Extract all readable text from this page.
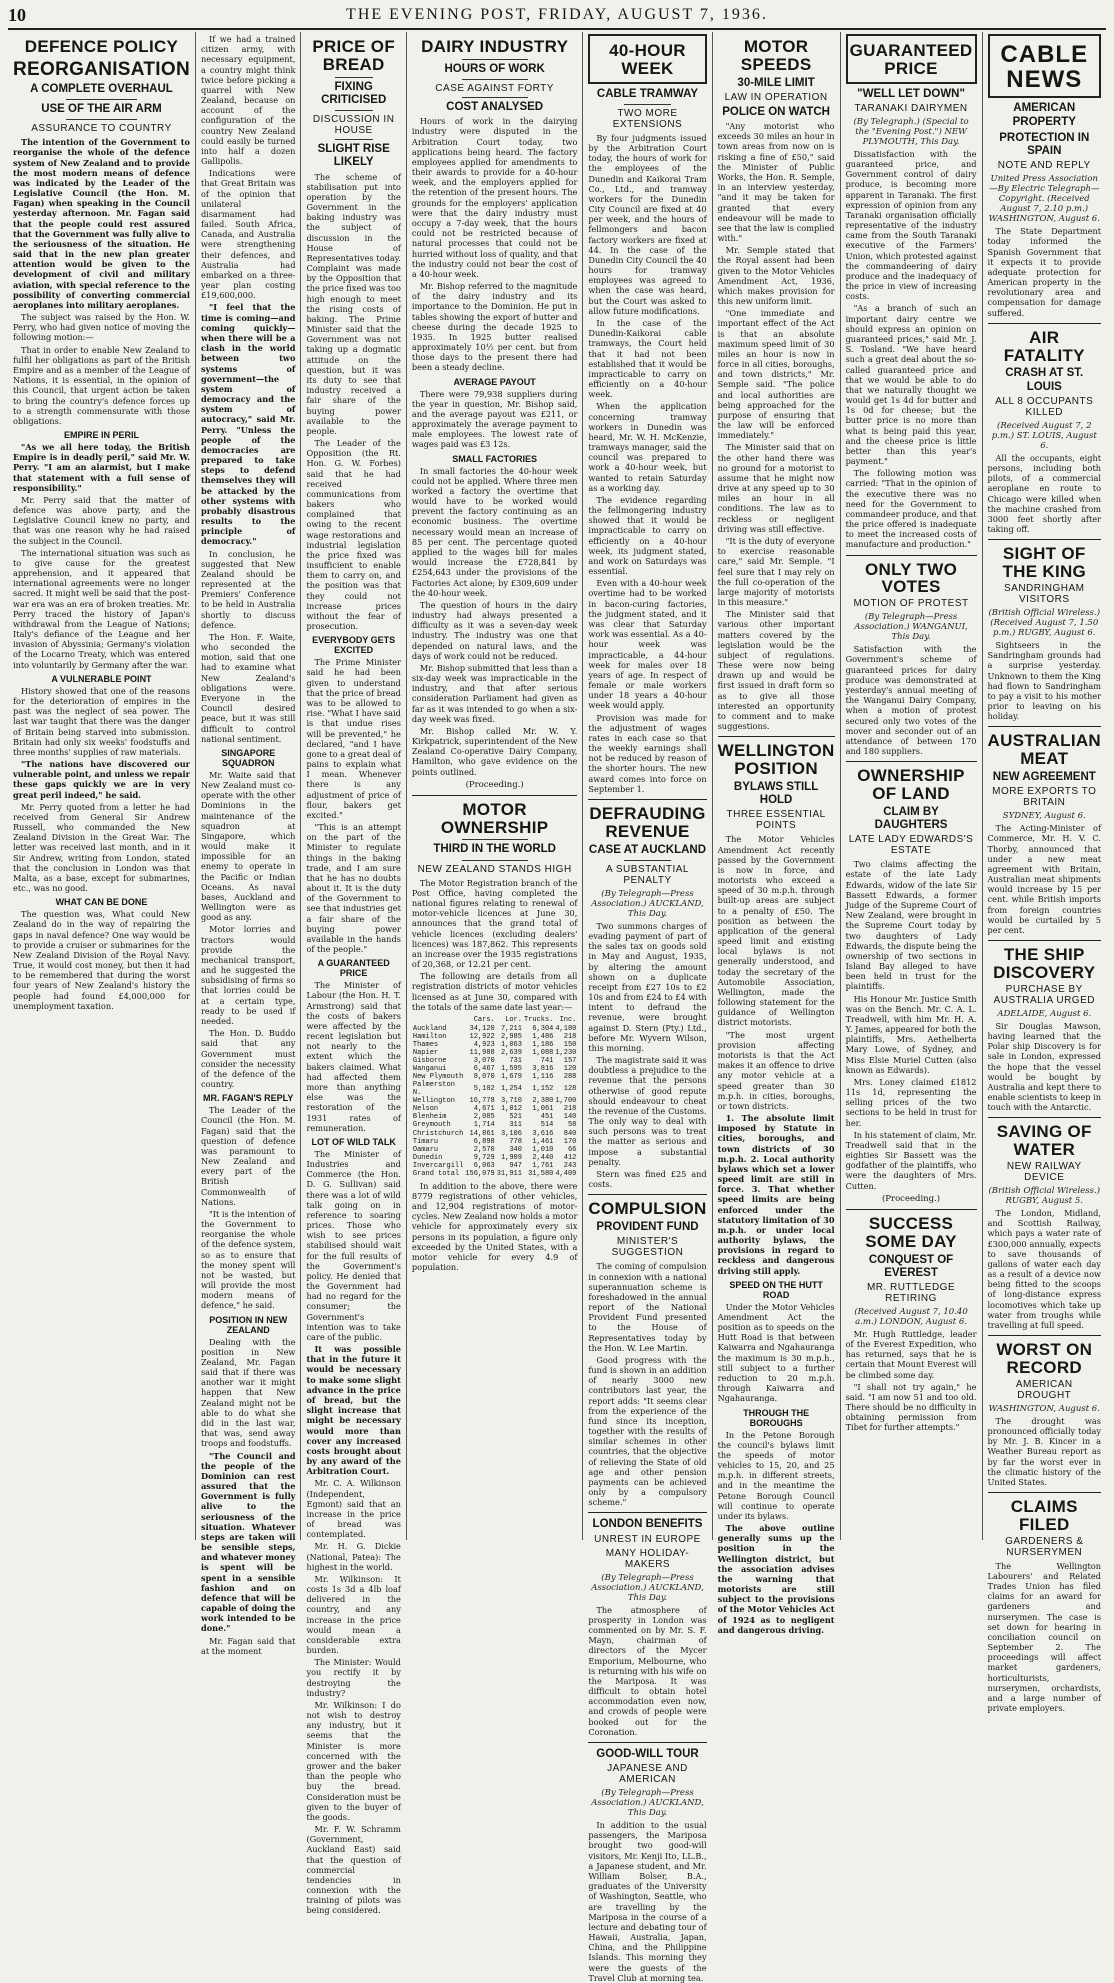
10	THE EVENING POST, FRIDAY, AUGUST 7, 1936.
DEFENCE POLICY
REORGANISATION
A COMPLETE OVERHAUL
USE OF THE AIR ARM
ASSURANCE TO COUNTRY

The intention of the Government to reorganise the whole of the defence system of New Zealand and to provide the most modern means of defence was indicated by the Leader of the Legislative Council (the Hon. M. Fagan) when speaking in the Council yesterday afternoon. Mr. Fagan said that the people could rest assured that the Government was fully alive to the seriousness of the situation. He said that in the new plan greater attention would be given to the development of civil and military aviation, with special reference to the possibility of converting commercial aeroplanes into military aeroplanes.

The subject was raised by the Hon. W. Perry, who had given notice of moving the following motion:—

That in order to enable New Zealand to fulfil her obligations as part of the British Empire and as a member of the League of Nations, it is essential, in the opinion of this Council, that urgent action be taken to bring the country's defence forces up to a strength commensurate with those obligations.

EMPIRE IN PERIL

"As we all here today, the British Empire is in deadly peril," said Mr. W. Perry. "I am an alarmist, but I make that statement with a full sense of responsibility."

Mr. Perry said that the matter of defence was above party, and the Legislative Council knew no party, and that was one reason why he had raised the subject in the Council.

The international situation was such as to give cause for the greatest apprehension, and it appeared that international agreements were no longer sacred. It might well be said that the post-war era was an era of broken treaties. Mr. Perry traced the history of Japan's withdrawal from the League of Nations; Italy's defiance of the League and her invasion of Abyssinia; Germany's violation of the Locarno Treaty, which was entered into voluntarily by Germany after the war.

A VULNERABLE POINT

History showed that one of the reasons for the deterioration of empires in the past was the neglect of sea power. The last war taught that there was the danger of Britain being starved into submission. Britain had only six weeks' foodstuffs and three months' supplies of raw materials.

"The nations have discovered our vulnerable point, and unless we repair these gaps quickly we are in very great peril indeed," he said.

Mr. Perry quoted from a letter he had received from General Sir Andrew Russell, who commanded the New Zealand Division in the Great War. The letter was received last month, and in it Sir Andrew, writing from London, stated that the conclusion in London was that Malta, as a base, except for submarines, etc., was no good.

WHAT CAN BE DONE

The question was, What could New Zealand do in the way of repairing the gaps in naval defence? One way would be to provide a cruiser or submarines for the New Zealand Division of the Royal Navy. True, it would cost money, but then it had to be remembered that during the worst four years of New Zealand's history the people had found £4,000,000 for unemployment taxation.

If we had a trained citizen army, with necessary equipment, a country might think twice before picking a quarrel with New Zealand, because on account of the configuration of the country New Zealand could easily be turned into half a dozen Gallipolis.

Indications were that Great Britain was of the opinion that unilateral disarmament had failed. South Africa, Canada, and Australia were strengthening their defences, and Australia had embarked on a three-year plan costing £19,600,000.

"I feel that the time is coming—and coming quickly—when there will be a clash in the world between two systems of government—the system of democracy and the system of autocracy," said Mr. Perry. "Unless the people of the democracies are prepared to take steps to defend themselves they will be attacked by the other systems with probably disastrous results to the principle of democracy."

In conclusion, he suggested that New Zealand should be represented at the Premiers' Conference to be held in Australia shortly to discuss defence.

The Hon. F. Waite, who seconded the motion, said that one had to examine what New Zealand's obligations were. Everyone in the Council desired peace, but it was still difficult to control national sentiment.

SINGAPORE SQUADRON

Mr. Waite said that New Zealand must co-operate with the other Dominions in the maintenance of the squadron at Singapore, which would make it impossible for an enemy to operate in the Pacific or Indian Oceans. As naval bases, Auckland and Wellington were as good as any.

Motor lorries and tractors would provide the mechanical transport, and he suggested the subsidising of firms so that lorries could be at a certain type, ready to be used if needed.

The Hon. D. Buddo said that any Government must consider the necessity of the defence of the country.

MR. FAGAN'S REPLY

The Leader of the Council (the Hon. M. Fagan) said that the question of defence was paramount to New Zealand and every part of the British Commonwealth of Nations.

"It is the intention of the Government to reorganise the whole of the defence system, so as to ensure that the money spent will not be wasted, but will provide the most modern means of defence," he said.

POSITION IN NEW ZEALAND

Dealing with the position in New Zealand, Mr. Fagan said that if there was another war it might happen that New Zealand might not be able to do what she did in the last war, that was, send away troops and foodstuffs.

"The Council and the people of the Dominion can rest assured that the Government is fully alive to the seriousness of the situation. Whatever steps are taken will be sensible steps, and whatever money is spent will be spent in a sensible fashion and on defence that will be capable of doing the work intended to be done."

Mr. Fagan said that at the moment

PRICE OF BREAD
FIXING CRITICISED
DISCUSSION IN HOUSE
SLIGHT RISE LIKELY

The scheme of stabilisation put into operation by the Government in the baking industry was the subject of discussion in the House of Representatives today. Complaint was made by the Opposition that the price fixed was too high enough to meet the rising costs of baking. The Prime Minister said that the Government was not taking up a dogmatic attitude on the question, but it was its duty to see that industry received a fair share of the buying power available to the people.

The Leader of the Opposition (the Rt. Hon. G. W. Forbes) said that he had received communications from bakers who complained that owing to the recent wage restorations and industrial legislation the price fixed was insufficient to enable them to carry on, and the position was that they could not increase prices without the fear of prosecution.

EVERYBODY GETS EXCITED

The Prime Minister said he had been given to understand that the price of bread was to be allowed to rise. "What I have said is that undue rises will be prevented," he declared, "and I have gone to a great deal of pains to explain what I mean. Whenever there is any adjustment of price of flour, bakers get excited."

"This is an attempt on the part of the Minister to regulate things in the baking trade, and I am sure that he has no doubts about it. It is the duty of the Government to see that industries get a fair share of the buying power available in the hands of the people."

A GUARANTEED PRICE

The Minister of Labour (the Hon. H. T. Armstrong) said that the costs of bakers were affected by the recent legislation but not nearly to the extent which the bakers claimed. What had affected them more than anything else was the restoration of the 1931 rates of remuneration.

LOT OF WILD TALK

The Minister of Industries and Commerce (the Hon. D. G. Sullivan) said there was a lot of wild talk going on in reference to soaring prices. Those who wish to see prices stabilised should wait for the full results of the Government's policy. He denied that the Government had had no regard for the consumer; the Government's intention was to take care of the public.

It was possible that in the future it would be necessary to make some slight advance in the price of bread, but the slight increase that might be necessary would more than cover any increased costs brought about by any award of the Arbitration Court.

Mr. C. A. Wilkinson (Independent, Egmont) said that an increase in the price of bread was contemplated.

Mr. H. G. Dickie (National, Patea): The highest in the world.

Mr. Wilkinson: It costs 1s 3d a 4lb loaf delivered in the country, and any increase in the price would mean a considerable extra burden.

The Minister: Would you rectify it by destroying the industry?

Mr. Wilkinson: I do not wish to destroy any industry, but it seems that the Minister is more concerned with the grower and the baker than the people who buy the bread. Consideration must be given to the buyer of the goods.

Mr. F. W. Schramm (Government, Auckland East) said that the question of commercial tendencies in connexion with the training of pilots was being considered.

DAIRY INDUSTRY
HOURS OF WORK
CASE AGAINST FORTY
COST ANALYSED

Hours of work in the dairying industry were disputed in the Arbitration Court today, two applications being heard. The factory employees applied for amendments to their awards to provide for a 40-hour week, and the employers applied for the retention of the present hours. The grounds for the employers' application were that the dairy industry must occupy a 7-day week, that the hours could not be restricted because of natural processes that could not be hurried without loss of quality, and that the industry could not bear the cost of a 40-hour week.

Mr. Bishop referred to the magnitude of the dairy industry and its importance to the Dominion. He put in tables showing the export of butter and cheese during the decade 1925 to 1935. In 1925 butter realised approximately 10½ per cent. but from those days to the present there had been a steady decline.

AVERAGE PAYOUT

There were 79,938 suppliers during the year in question, Mr. Bishop said, and the average payout was £211, or approximately the average payment to male employees. The lowest rate of wages paid was £3 12s.

SMALL FACTORIES

In small factories the 40-hour week could not be applied. Where three men worked a factory the overtime that would have to be worked would prevent the factory continuing as an economic business. The overtime necessary would mean an increase of 85 per cent. The percentage quoted applied to the wages bill for males would increase the £728,841 by £254,643 under the provisions of the Factories Act alone; by £309,609 under the 40-hour week.

The question of hours in the dairy industry had always presented a difficulty as it was a seven-day week industry. The industry was one that depended on natural laws, and the days of work could not be reduced.

Mr. Bishop submitted that less than a six-day week was impracticable in the industry, and that after serious consideration Parliament had given as far as it was intended to go when a six-day week was fixed.

Mr. Bishop called Mr. W. Y. Kirkpatrick, superintendent of the New Zealand Co-operative Dairy Company, Hamilton, who gave evidence on the points outlined.

(Proceeding.)
MOTOR OWNERSHIP
THIRD IN THE WORLD
NEW ZEALAND STANDS HIGH

The Motor Registration branch of the Post Office, having completed the national figures relating to renewal of motor-vehicle licences at June 30, announces that the grand total of vehicle licences (excluding dealers' licences) was 187,862. This represents an increase over the 1935 registrations of 20,368, or 12.21 per cent.

The following are details from all registration districts of motor vehicles licensed as at June 30, compared with the totals of the same date last year:—

	Cars.	Lor.	Trucks.	Inc.
Auckland	34,120	7,211	6,304	4,180
Hamilton	12,922	2,985	1,486	218
Thames	4,923	1,063	1,186	150
Napier	11,988	2,639	1,088	1,230
Gisborne	3,070	731	741	157
Wanganui	6,467	1,595	3,816	120
New Plymouth	8,070	1,679	1,116	288
Palmerston N.	5,102	1,254	1,152	128
Wellington	16,778	3,710	2,380	1,700
Nelson	4,671	1,012	1,061	218
Blenheim	2,085	521	451	140
Greymouth	1,714	311	514	58
Christchurch	14,861	3,106	3,616	840
Timaru	6,898	778	1,461	170
Oamaru	2,570	340	1,010	66
Dunedin	9,729	1,909	2,440	412
Invercargill	6,063	947	1,761	243
Grand total	156,079	31,911	31,580	4,409

In addition to the above, there were 8779 registrations of other vehicles, and 12,904 registrations of motor-cycles. New Zealand now holds a motor vehicle for approximately every six persons in its population, a figure only exceeded by the United States, with a motor vehicle for every 4.9 of population.

40-HOUR WEEK
CABLE TRAMWAY
TWO MORE EXTENSIONS

By four judgments issued by the Arbitration Court today, the hours of work for the employees of the Dunedin and Kaikorai Tram Co., Ltd., and tramway workers for the Dunedin City Council are fixed at 40 per week, and the hours of fellmongers and bacon factory workers are fixed at 44. In the case of the Dunedin City Council the 40 hours for tramway employees was agreed to when the case was heard, but the Court was asked to allow future modifications.

In the case of the Dunedin-Kaikorai cable tramways, the Court held that it had not been established that it would be impracticable to carry on efficiently on a 40-hour week.

When the application concerning tramway workers in Dunedin was heard, Mr. W. H. McKenzie, tramways manager, said the council was prepared to work a 40-hour week, but wanted to retain Saturday as a working day.

The evidence regarding the fellmongering industry showed that it would be impracticable to carry on efficiently on a 40-hour week, its judgment stated, and work on Saturdays was essential.

Even with a 40-hour week overtime had to be worked in bacon-curing factories, the judgment stated, and it was clear that Saturday work was essential. As a 40-hour week was impracticable, a 44-hour week for males over 18 years of age. In respect of female or male workers under 18 years a 40-hour week would apply.

Provision was made for the adjustment of wages rates in each case so that the weekly earnings shall not be reduced by reason of the shorter hours. The new award comes into force on September 1.

DEFRAUDING REVENUE
CASE AT AUCKLAND
A SUBSTANTIAL PENALTY
(By Telegraph—Press Association.) AUCKLAND, This Day.

Two summons charges of evading payment of part of the sales tax on goods sold in May and August, 1935, by altering the amount shown on a duplicate receipt from £27 10s to £2 10s and from £24 to £4 with intent to defraud the revenue, were brought against D. Stern (Pty.) Ltd., before Mr. Wyvern Wilson, this morning.

The magistrate said it was doubtless a prejudice to the revenue that the persons otherwise of good repute should endeavour to cheat the revenue of the Customs. The only way to deal with such persons was to treat the matter as serious and impose a substantial penalty.

Stern was fined £25 and costs.

COMPULSION
PROVIDENT FUND
MINISTER'S SUGGESTION

The coming of compulsion in connexion with a national superannuation scheme is foreshadowed in the annual report of the National Provident Fund presented to the House of Representatives today by the Hon. W. Lee Martin.

Good progress with the fund is shown in an addition of nearly 3000 new contributors last year, the report adds: "It seems clear from the experience of the fund since its inception, together with the results of similar schemes in other countries, that the objective of relieving the State of old age and other pension payments can be achieved only by a compulsory scheme."

LONDON BENEFITS
UNREST IN EUROPE
MANY HOLIDAY-MAKERS
(By Telegraph—Press Association.) AUCKLAND, This Day.

The atmosphere of prosperity in London was commented on by Mr. S. F. Mayn, chairman of directors of the Mycer Emporium, Melbourne, who is returning with his wife on the Mariposa. It was difficult to obtain hotel accommodation even now, and crowds of people were booked out for the Coronation.

GOOD-WILL TOUR
JAPANESE AND AMERICAN
(By Telegraph—Press Association.) AUCKLAND, This Day.

In addition to the usual passengers, the Mariposa brought two good-will visitors, Mr. Kenji Ito, LL.B., a Japanese student, and Mr. William Bolser, B.A., graduates of the University of Washington, Seattle, who are travelling by the Mariposa in the course of a lecture and debating tour of Hawaii, Australia, Japan, China, and the Philippine Islands. This morning they were the guests of the Travel Club at morning tea.

MOTOR SPEEDS
30-MILE LIMIT
LAW IN OPERATION
POLICE ON WATCH

"Any motorist who exceeds 30 miles an hour in town areas from now on is risking a fine of £50," said the Minister of Public Works, the Hon. R. Semple, in an interview yesterday, "and it may be taken for granted that every endeavour will be made to see that the law is complied with."

Mr. Semple stated that the Royal assent had been given to the Motor Vehicles Amendment Act, 1936, which makes provision for this new uniform limit.

"One immediate and important effect of the Act is that an absolute maximum speed limit of 30 miles an hour is now in force in all cities, boroughs, and town districts," Mr. Semple said. "The police and local authorities are being approached for the purpose of ensuring that the law will be enforced immediately."

The Minister said that on the other hand there was no ground for a motorist to assume that he might now drive at any speed up to 30 miles an hour in all conditions. The law as to reckless or negligent driving was still effective.

"It is the duty of everyone to exercise reasonable care," said Mr. Semple. "I feel sure that I may rely on the full co-operation of the large majority of motorists in this measure."

The Minister said that various other important matters covered by the legislation would be the subject of regulations. These were now being drawn up and would be first issued in draft form so as to give all those interested an opportunity to comment and to make suggestions.

WELLINGTON POSITION
BYLAWS STILL HOLD
THREE ESSENTIAL POINTS

The Motor Vehicles Amendment Act recently passed by the Government is now in force, and motorists who exceed a speed of 30 m.p.h. through built-up areas are subject to a penalty of £50. The position as between the application of the general speed limit and existing local bylaws is not generally understood, and today the secretary of the Automobile Association, Wellington, made the following statement for the guidance of Wellington district motorists.

"The most urgent provision affecting motorists is that the Act makes it an offence to drive any motor vehicle at a speed greater than 30 m.p.h. in cities, boroughs, or town districts.

1. The absolute limit imposed by Statute in cities, boroughs, and town districts of 30 m.p.h. 2. Local authority bylaws which set a lower speed limit are still in force. 3. That whether speed limits are being enforced under the statutory limitation of 30 m.p.h. or under local authority bylaws, the provisions in regard to reckless and dangerous driving still apply.

SPEED ON THE HUTT ROAD

Under the Motor Vehicles Amendment Act the position as to speeds on the Hutt Road is that between Kaiwarra and Ngahauranga the maximum is 30 m.p.h., still subject to a further reduction to 20 m.p.h. through Kaiwarra and Ngahauranga.

THROUGH THE BOROUGHS

In the Petone Borough the council's bylaws limit the speeds of motor vehicles to 15, 20, and 25 m.p.h. in different streets, and in the meantime the Petone Borough Council will continue to operate under its bylaws.

The above outline generally sums up the position in the Wellington district, but the association advises the warning that motorists are still subject to the provisions of the Motor Vehicles Act of 1924 as to negligent and dangerous driving.

GUARANTEED PRICE
"WELL LET DOWN"
TARANAKI DAIRYMEN
(By Telegraph.) (Special to the "Evening Post.") NEW PLYMOUTH, This Day.

Dissatisfaction with the guaranteed price, and Government control of dairy produce, is becoming more apparent in Taranaki. The first expression of opinion from any Taranaki organisation officially representative of the industry came from the South Taranaki executive of the Farmers' Union, which protested against the commandeering of dairy produce and the inadequacy of the price in view of increasing costs.

"As a branch of such an important dairy centre we should express an opinion on guaranteed prices," said Mr. J. S. Tosland. "We have heard such a great deal about the so-called guaranteed price and that we would be able to do that we naturally thought we would get 1s 4d for butter and 1s 0d for cheese; but the butter price is no more than what is being paid this year, and the cheese price is little better than this year's payment."

The following motion was carried: "That in the opinion of the executive there was no need for the Government to commandeer produce, and that the price offered is inadequate to meet the increased costs of manufacture and production."

ONLY TWO VOTES
MOTION OF PROTEST
(By Telegraph—Press Association.) WANGANUI, This Day.

Satisfaction with the Government's scheme of guaranteed prices for dairy produce was demonstrated at yesterday's annual meeting of the Wanganui Dairy Company, when a motion of protest secured only two votes of the mover and seconder out of an attendance of between 170 and 180 suppliers.

OWNERSHIP OF LAND
CLAIM BY DAUGHTERS
LATE LADY EDWARDS'S ESTATE

Two claims affecting the estate of the late Lady Edwards, widow of the late Sir Bassett Edwards, a former Judge of the Supreme Court of New Zealand, were brought in the Supreme Court today by two daughters of Lady Edwards, the dispute being the ownership of two sections in Island Bay alleged to have been held in trust for the plaintiffs.

His Honour Mr. Justice Smith was on the Bench. Mr. C. A. L. Treadwell, with him Mr. H. A. Y. James, appeared for both the plaintiffs, Mrs. Aethelberta Mary Lowe, of Sydney, and Miss Elsie Muriel Cutten (also known as Edwards).

Mrs. Loney claimed £1812 11s 1d, representing the selling prices of the two sections to be held in trust for her.

In his statement of claim, Mr. Treadwell said that in the eighties Sir Bassett was the godfather of the plaintiffs, who were the daughters of Mrs. Cutten.

(Proceeding.)
SUCCESS SOME DAY
CONQUEST OF EVEREST
MR. RUTTLEDGE RETIRING
(Received August 7, 10.40 a.m.) LONDON, August 6.

Mr. Hugh Ruttledge, leader of the Everest Expedition, who has returned, says that he is certain that Mount Everest will be climbed some day.

"I shall not try again," he said. "I am now 51 and too old. There should be no difficulty in obtaining permission from Tibet for further attempts."

CABLE NEWS
AMERICAN PROPERTY
PROTECTION IN SPAIN
NOTE AND REPLY
United Press Association—By Electric Telegraph—Copyright. (Received August 7, 2.10 p.m.) WASHINGTON, August 6.

The State Department today informed the Spanish Government that it expects it to provide adequate protection for American property in the revolutionary area and compensation for damage suffered.

AIR FATALITY
CRASH AT ST. LOUIS
ALL 8 OCCUPANTS KILLED
(Received August 7, 2 p.m.) ST. LOUIS, August 6.

All the occupants, eight persons, including both pilots, of a commercial aeroplane en route to Chicago were killed when the machine crashed from 3000 feet shortly after taking off.

SIGHT OF THE KING
SANDRINGHAM VISITORS
(British Official Wireless.) (Received August 7, 1.50 p.m.) RUGBY, August 6.

Sightseers in the Sandringham grounds had a surprise yesterday. Unknown to them the King had flown to Sandringham to pay a visit to his mother prior to leaving on his holiday.

AUSTRALIAN MEAT
NEW AGREEMENT
MORE EXPORTS TO BRITAIN
SYDNEY, August 6.

The Acting-Minister of Commerce, Mr. H. V. C. Thorby, announced that under a new meat agreement with Britain, Australian meat shipments would increase by 15 per cent. while British imports from foreign countries would be curtailed by 5 per cent.

THE SHIP DISCOVERY
PURCHASE BY AUSTRALIA URGED
ADELAIDE, August 6.

Sir Douglas Mawson, having learned that the Polar ship Discovery is for sale in London, expressed the hope that the vessel would be bought by Australia and kept there to enable scientists to keep in touch with the Antarctic.

SAVING OF WATER
NEW RAILWAY DEVICE
(British Official Wireless.) RUGBY, August 5.

The London, Midland, and Scottish Railway, which pays a water rate of £300,000 annually, expects to save thousands of gallons of water each day as a result of a device now being fitted to the scoops of long-distance express locomotives which take up water from troughs while travelling at full speed.

WORST ON RECORD
AMERICAN DROUGHT
WASHINGTON, August 6.

The drought was pronounced officially today by Mr. J. B. Kincer in a Weather Bureau report as by far the worst ever in the climatic history of the United States.

CLAIMS FILED
GARDENERS & NURSERYMEN

The Wellington Labourers' and Related Trades Union has filed claims for an award for gardeners and nurserymen. The case is set down for hearing in conciliation council on September 2. The proceedings will affect market gardeners, horticulturists, nurserymen, orchardists, and a large number of private employers.
